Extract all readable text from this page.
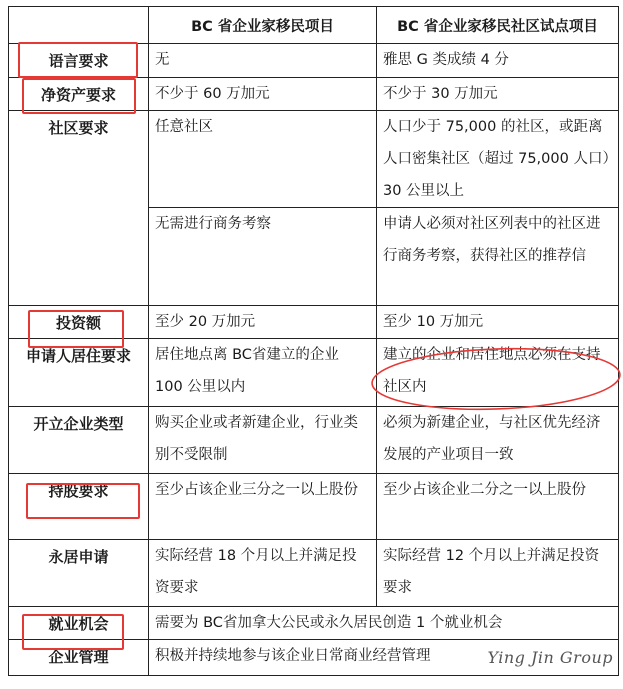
	BC 省企业家移民项目	BC 省企业家移民社区试点项目
语言要求	无	雅思 G 类成绩 4 分
净资产要求	不少于 60 万加元	不少于 30 万加元
社区要求	任意社区	人口少于 75,000 的社区，或距离人口密集社区（超过 75,000 人口）30 公里以上
	无需进行商务考察	申请人必须对社区列表中的社区进行商务考察，获得社区的推荐信
投资额	至少 20 万加元	至少 10 万加元
申请人居住要求	居住地点离 BC省建立的企业 100 公里以内	建立的企业和居住地点必须在支持社区内
开立企业类型	购买企业或者新建企业，行业类别不受限制	必须为新建企业，与社区优先经济发展的产业项目一致
持股要求	至少占该企业三分之一以上股份	至少占该企业二分之一以上股份
永居申请	实际经营 18 个月以上并满足投资要求	实际经营 12 个月以上并满足投资要求
就业机会	需要为 BC省加拿大公民或永久居民创造 1 个就业机会	
企业管理	积极并持续地参与该企业日常商业经营管理		Ying Jin Group
